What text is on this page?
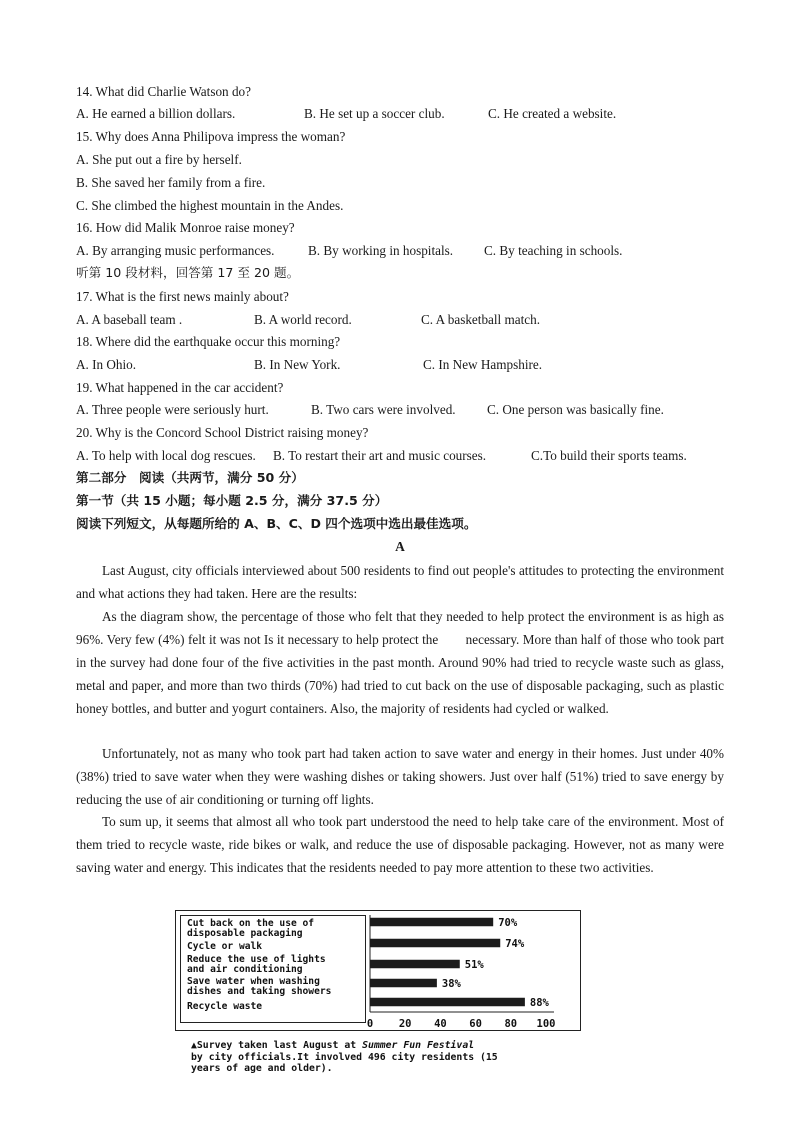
14. What did Charlie Watson do?
A. He earned a billion dollars.	B. He set up a soccer club.	C. He created a website.
15. Why does Anna Philipova impress the woman?
A. She put out a fire by herself.
B. She saved her family from a fire.
C. She climbed the highest mountain in the Andes.
16. How did Malik Monroe raise money?
A. By arranging music performances.	B. By working in hospitals. C. By teaching in schools.
听第 10 段材料，回答第 17 至 20 题。
17. What is the first news mainly about?
A. A baseball team .	B. A world record.	C. A basketball match.
18. Where did the earthquake occur this morning?
A. In Ohio.	B. In New York.	C. In New Hampshire.
19. What happened in the car accident?
A. Three people were seriously hurt.	B. Two cars were involved. C. One person was basically fine.
20. Why is the Concord School District raising money?
A. To help with local dog rescues. B. To restart their art and music courses.	C.To build their sports teams.
第二部分　阅读（共两节，满分 50 分）
第一节（共 15 小题；每小题 2.5 分，满分 37.5 分）
阅读下列短文，从每题所给的 A、B、C、D 四个选项中选出最佳选项。
A
Last August, city officials interviewed about 500 residents to find out people's attitudes to protecting the environment and what actions they had taken. Here are the results:
As the diagram show, the percentage of those who felt that they needed to help protect the environment is as high as 96%. Very few (4%) felt it was not Is it necessary to help protect the        necessary. More than half of those who took part in the survey had done four of the five activities in the past month. Around 90% had tried to recycle waste such as glass, metal and paper, and more than two thirds (70%) had tried to cut back on the use of disposable packaging, such as plastic honey bottles, and butter and yogurt containers. Also, the majority of residents had cycled or walked.
Unfortunately, not as many who took part had taken action to save water and energy in their homes. Just under 40% (38%) tried to save water when they were washing dishes or taking showers. Just over half (51%) tried to save energy by reducing the use of air conditioning or turning off lights.
To sum up, it seems that almost all who took part understood the need to help take care of the environment. Most of them tried to recycle waste, ride bikes or walk, and reduce the use of disposable packaging. However, not as many were saving water and energy. This indicates that the residents needed to pay more attention to these two activities.
Cut back on the use of
disposable packaging
Cycle or walk
Reduce the use of lights
and air conditioning
Save water when washing
dishes and taking showers
Recycle waste
70%
74%
51%
38%
88%
0 20 40 60 80 100
▲Survey taken last August at Summer Fun Festival
by city officials.It involved 496 city residents (15
years of age and older).
